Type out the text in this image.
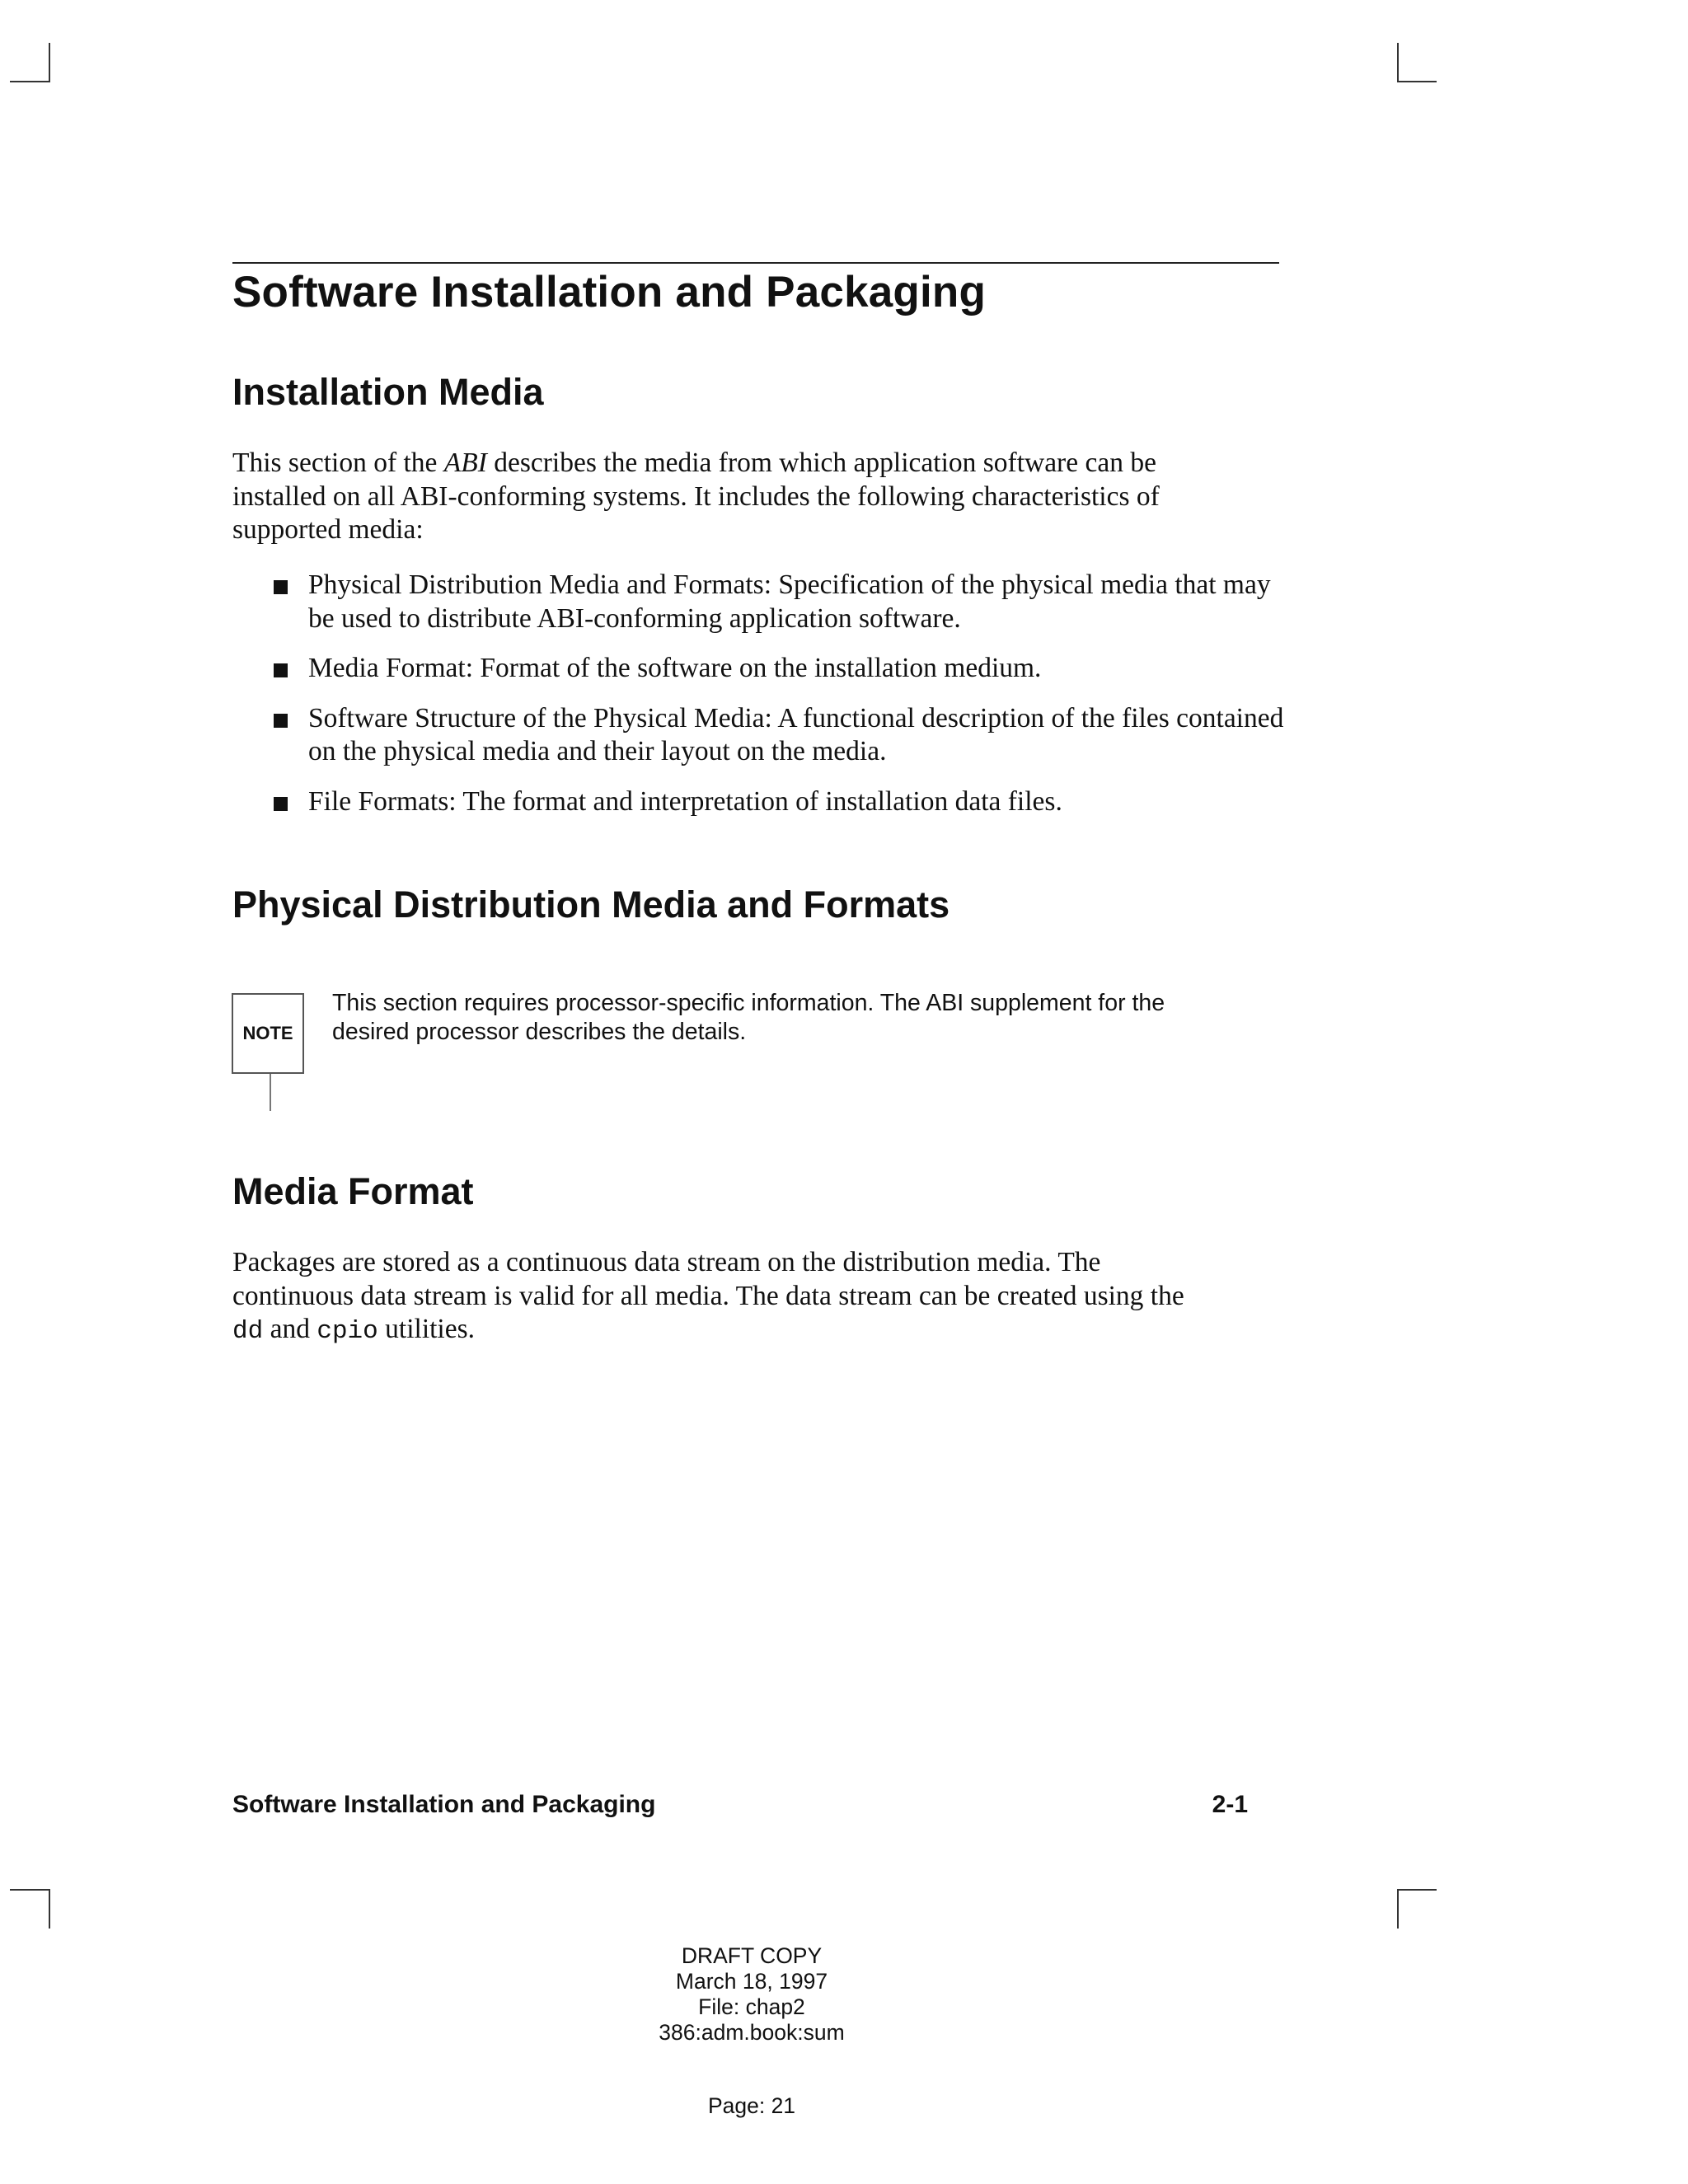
Software Installation and Packaging
Installation Media

This section of the ABI describes the media from which application software can be installed on all ABI-conforming systems. It includes the following characteristics of supported media:

Physical Distribution Media and Formats: Specification of the physical media that may be used to distribute ABI-conforming application software.
Media Format: Format of the software on the installation medium.
Software Structure of the Physical Media: A functional description of the files contained on the physical media and their layout on the media.
File Formats: The format and interpretation of installation data files.
Physical Distribution Media and Formats
NOTE
This section requires processor-specific information. The ABI supplement for the desired processor describes the details.
Media Format

Packages are stored as a continuous data stream on the distribution media. The continuous data stream is valid for all media. The data stream can be created using the dd and cpio utilities.

Software Installation and Packaging	2-1
DRAFT COPY
March 18, 1997
File: chap2
386:adm.book:sum
Page: 21
